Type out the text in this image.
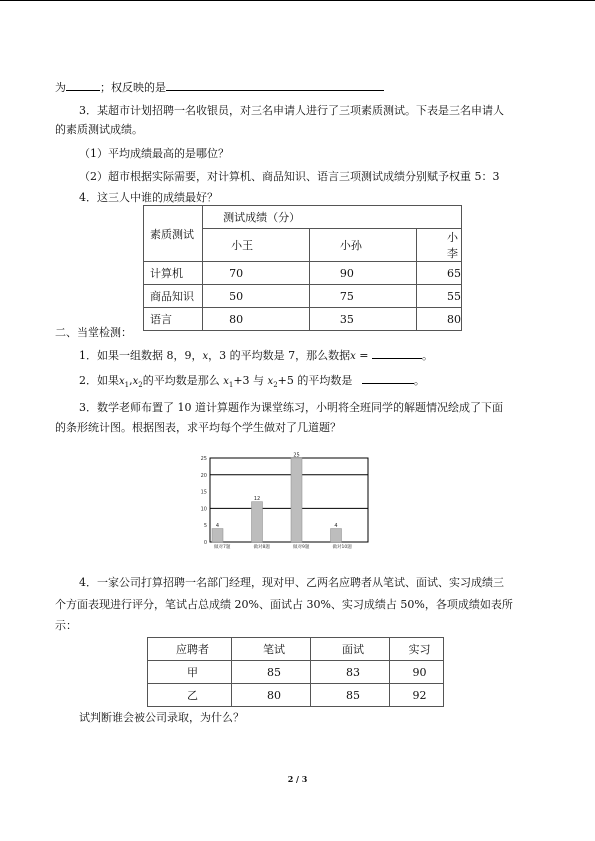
为	；权反映的是
3．某超市计划招聘一名收银员，对三名申请人进行了三项素质测试。下表是三名申请人
的素质测试成绩。
（1）平均成绩最高的是哪位？
（2）超市根据实际需要，对计算机、商品知识、语言三项测试成绩分别赋予权重 5：3
4．这三人中谁的成绩最好？
素质测试	测试成绩（分）		
	小王	小孙	小李
计算机	70	90	65
商品知识	50	75	55
语言	80	35	80
二、当堂检测：
1．如果一组数据 8，9，x，3 的平均数是 7，那么数据x =	。
2．如果$x_1,x_2$的平均数是那么 $x_1+3$ 与 $x_2+5$ 的平均数是	。
3．数学老师布置了 10 道计算题作为课堂练习，小明将全班同学的解题情况绘成了下面
的条形统计图。根据图表，求平均每个学生做对了几道题？
0
5
10
15
20
25
4
做对7题
12
做对8题
25
做对9题
4
做对10题
4．一家公司打算招聘一名部门经理，现对甲、乙两名应聘者从笔试、面试、实习成绩三
个方面表现进行评分，笔试占总成绩 20%、面试占 30%、实习成绩占 50%，各项成绩如表所
示：
应聘者	笔试	面试	实习
甲	85	83	90
乙	80	85	92
试判断谁会被公司录取，为什么？
2 / 3
